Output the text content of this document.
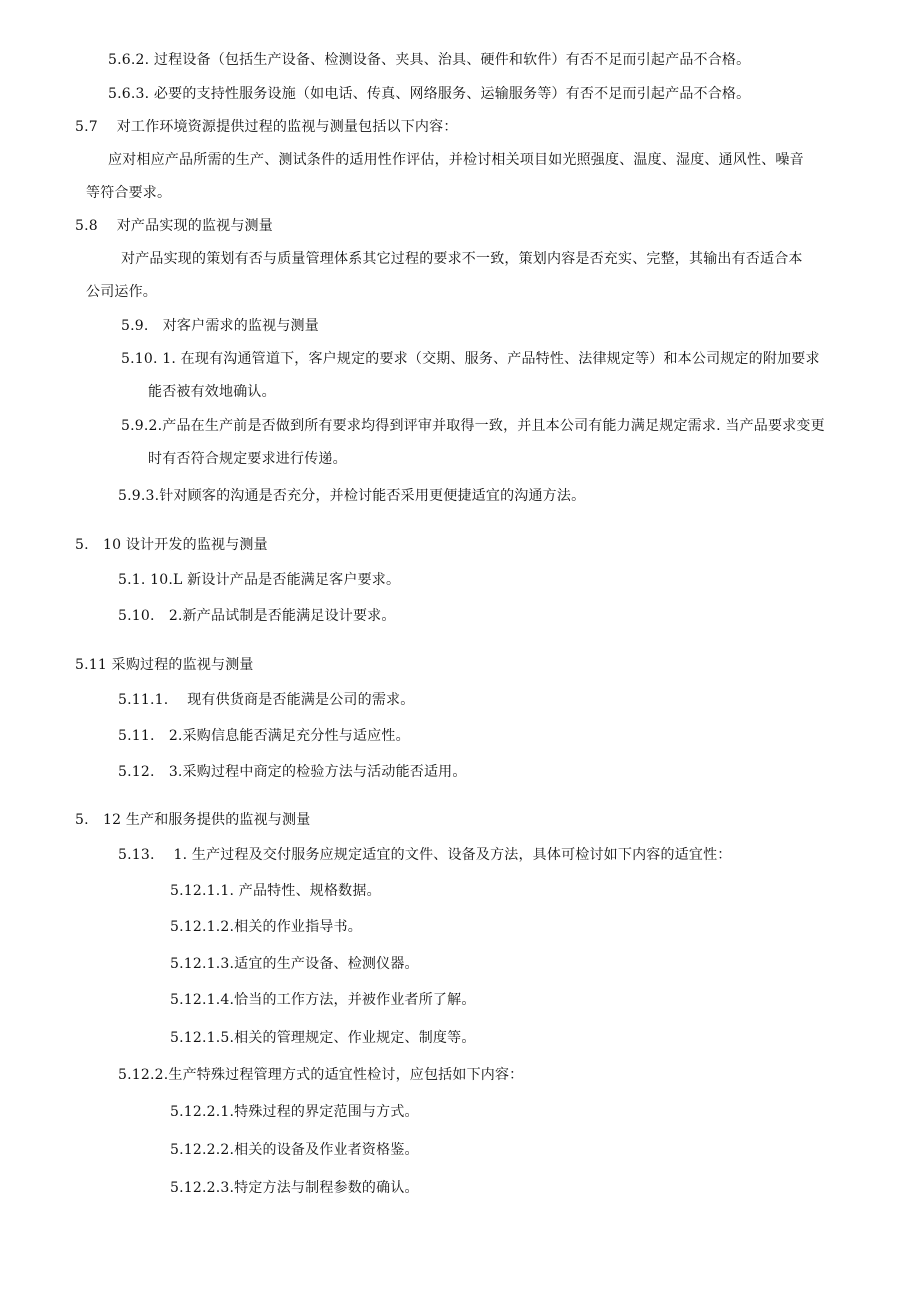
5.6.2. 过程设备（包括生产设备、检测设备、夹具、治具、硬件和软件）有否不足而引起产品不合格。
5.6.3. 必要的支持性服务设施（如电话、传真、网络服务、运输服务等）有否不足而引起产品不合格。
5.7　 对工作环境资源提供过程的监视与测量包括以下内容：
应对相应产品所需的生产、测试条件的适用性作评估，并检讨相关项目如光照强度、温度、湿度、通风性、噪音
等符合要求。
5.8　 对产品实现的监视与测量
对产品实现的策划有否与质量管理体系其它过程的要求不一致，策划内容是否充实、完整，其输出有否适合本
公司运作。
5.9.　对客户需求的监视与测量
5.10. 1. 在现有沟通管道下，客户规定的要求（交期、服务、产品特性、法律规定等）和本公司规定的附加要求
能否被有效地确认。
5.9.2.产品在生产前是否做到所有要求均得到评审并取得一致，并且本公司有能力满足规定需求. 当产品要求变更
时有否符合规定要求进行传递。
5.9.3.针对顾客的沟通是否充分，并检讨能否采用更便捷适宜的沟通方法。
5.　10 设计开发的监视与测量
5.1. 10.L 新设计产品是否能满足客户要求。
5.10.　2.新产品试制是否能满足设计要求。
5.11 采购过程的监视与测量
5.11.1.　 现有供货商是否能满是公司的需求。
5.11.　2.采购信息能否满足充分性与适应性。
5.12.　3.采购过程中商定的检验方法与活动能否适用。
5.　12 生产和服务提供的监视与测量
5.13.　 1. 生产过程及交付服务应规定适宜的文件、设备及方法，具体可检讨如下内容的适宜性：
5.12.1.1. 产品特性、规格数据。
5.12.1.2.相关的作业指导书。
5.12.1.3.适宜的生产设备、检测仪器。
5.12.1.4.恰当的工作方法，并被作业者所了解。
5.12.1.5.相关的管理规定、作业规定、制度等。
5.12.2.生产特殊过程管理方式的适宜性检讨，应包括如下内容：
5.12.2.1.特殊过程的界定范围与方式。
5.12.2.2.相关的设备及作业者资格鉴。
5.12.2.3.特定方法与制程参数的确认。
